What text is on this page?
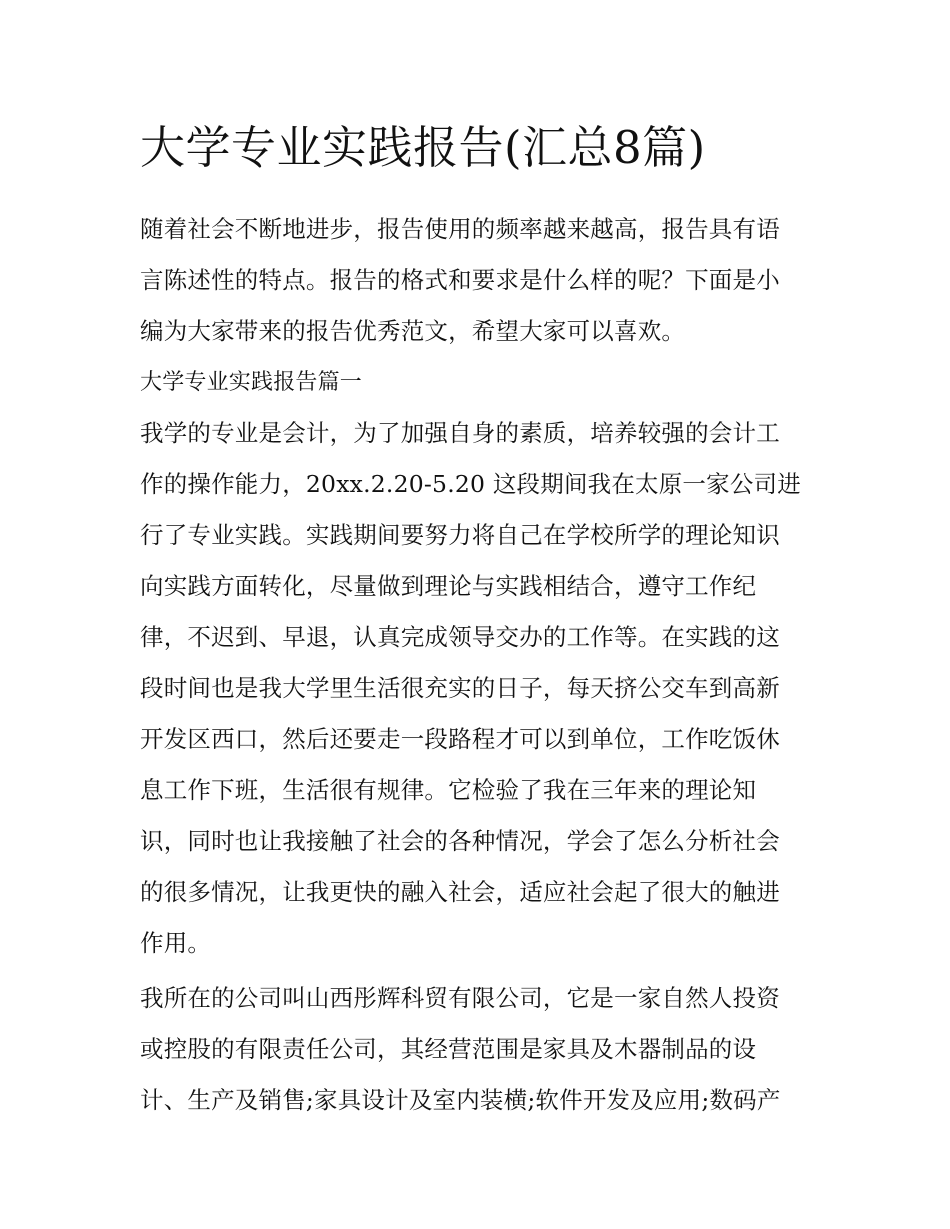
大学专业实践报告(汇总8篇)
随着社会不断地进步，报告使用的频率越来越高，报告具有语
言陈述性的特点。报告的格式和要求是什么样的呢？下面是小
编为大家带来的报告优秀范文，希望大家可以喜欢。
大学专业实践报告篇一
我学的专业是会计，为了加强自身的素质，培养较强的会计工
作的操作能力，20xx.2.20-5.20 这段期间我在太原一家公司进
行了专业实践。实践期间要努力将自己在学校所学的理论知识
向实践方面转化，尽量做到理论与实践相结合，遵守工作纪
律，不迟到、早退，认真完成领导交办的工作等。在实践的这
段时间也是我大学里生活很充实的日子，每天挤公交车到高新
开发区西口，然后还要走一段路程才可以到单位，工作吃饭休
息工作下班，生活很有规律。它检验了我在三年来的理论知
识，同时也让我接触了社会的各种情况，学会了怎么分析社会
的很多情况，让我更快的融入社会，适应社会起了很大的触进
作用。
我所在的公司叫山西彤辉科贸有限公司，它是一家自然人投资
或控股的有限责任公司，其经营范围是家具及木器制品的设
计、生产及销售;家具设计及室内装横;软件开发及应用;数码产
